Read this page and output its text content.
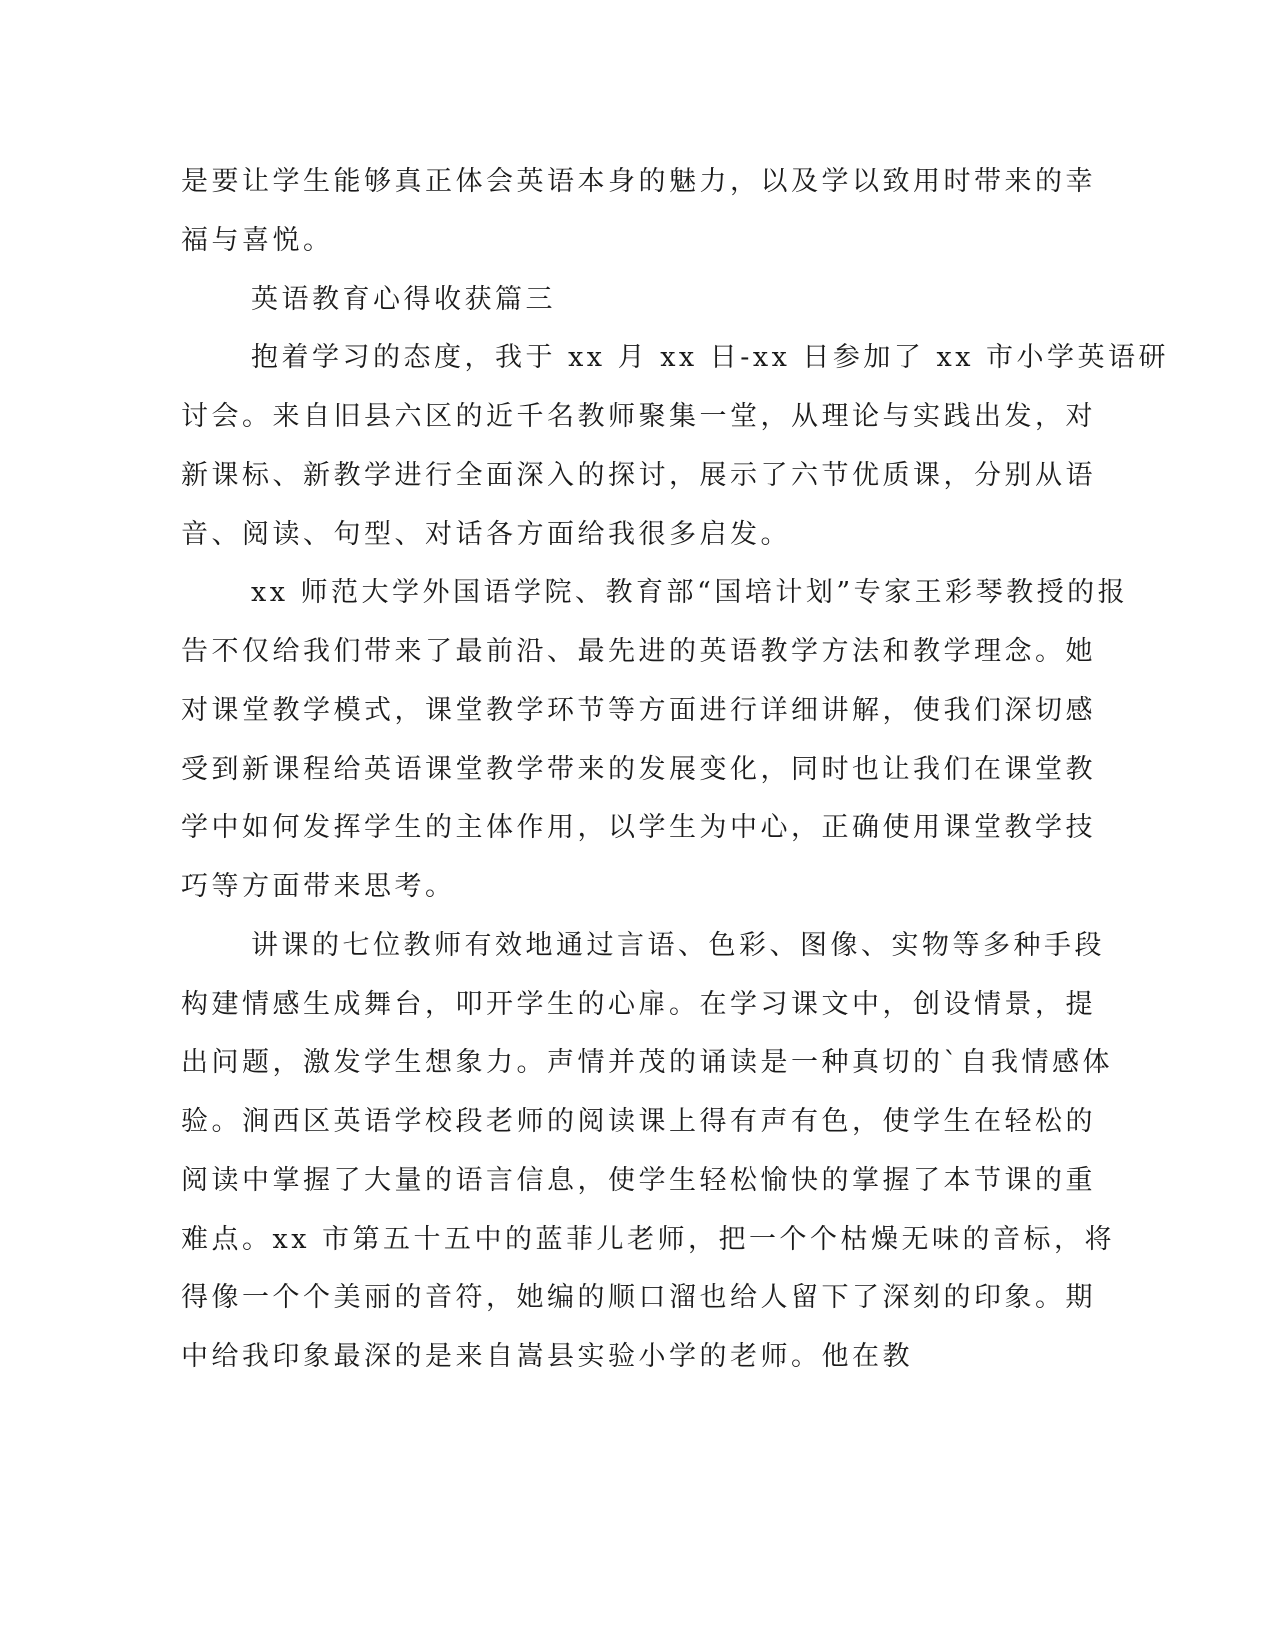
是要让学生能够真正体会英语本身的魅力，以及学以致用时带来的幸

福与喜悦。

英语教育心得收获篇三

抱着学习的态度，我于 xx 月 xx 日-xx 日参加了 xx 市小学英语研

讨会。来自旧县六区的近千名教师聚集一堂，从理论与实践出发，对

新课标、新教学进行全面深入的探讨，展示了六节优质课，分别从语

音、阅读、句型、对话各方面给我很多启发。

xx 师范大学外国语学院、教育部“国培计划”专家王彩琴教授的报

告不仅给我们带来了最前沿、最先进的英语教学方法和教学理念。她

对课堂教学模式，课堂教学环节等方面进行详细讲解，使我们深切感

受到新课程给英语课堂教学带来的发展变化，同时也让我们在课堂教

学中如何发挥学生的主体作用，以学生为中心，正确使用课堂教学技

巧等方面带来思考。

讲课的七位教师有效地通过言语、色彩、图像、实物等多种手段

构建情感生成舞台，叩开学生的心扉。在学习课文中，创设情景，提

出问题，激发学生想象力。声情并茂的诵读是一种真切的`自我情感体

验。涧西区英语学校段老师的阅读课上得有声有色，使学生在轻松的

阅读中掌握了大量的语言信息，使学生轻松愉快的掌握了本节课的重

难点。xx 市第五十五中的蓝菲儿老师，把一个个枯燥无味的音标，将

得像一个个美丽的音符，她编的顺口溜也给人留下了深刻的印象。期

中给我印象最深的是来自嵩县实验小学的老师。他在教
